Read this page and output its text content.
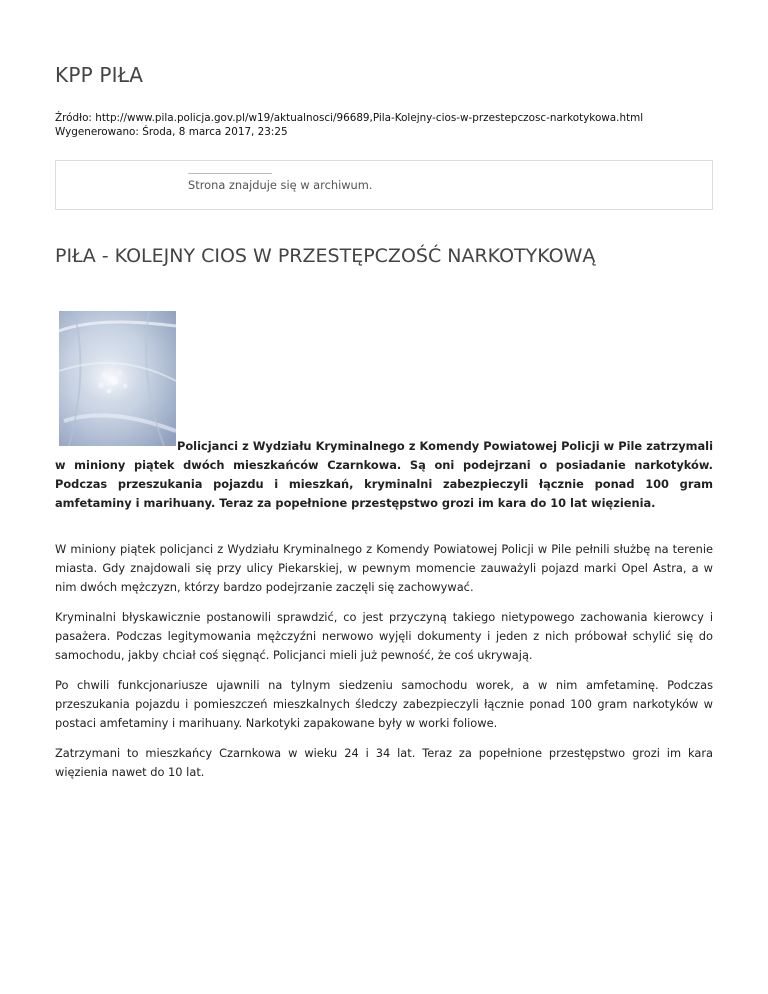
KPP PIŁA
Źródło: http://www.pila.policja.gov.pl/w19/aktualnosci/96689,Pila-Kolejny-cios-w-przestepczosc-narkotykowa.html
Wygenerowano: Środa, 8 marca 2017, 23:25
Strona znajduje się w archiwum.
PIŁA - KOLEJNY CIOS W PRZESTĘPCZOŚĆ NARKOTYKOWĄ

Policjanci z Wydziału Kryminalnego z Komendy Powiatowej Policji w Pile zatrzymali w miniony piątek dwóch mieszkańców Czarnkowa. Są oni podejrzani o posiadanie narkotyków. Podczas przeszukania pojazdu i mieszkań, kryminalni zabezpieczyli łącznie ponad 100 gram amfetaminy i marihuany. Teraz za popełnione przestępstwo grozi im kara do 10 lat więzienia.

W miniony piątek policjanci z Wydziału Kryminalnego z Komendy Powiatowej Policji w Pile pełnili służbę na terenie miasta. Gdy znajdowali się przy ulicy Piekarskiej, w pewnym momencie zauważyli pojazd marki Opel Astra, a w nim dwóch mężczyzn, którzy bardzo podejrzanie zaczęli się zachowywać.

Kryminalni błyskawicznie postanowili sprawdzić, co jest przyczyną takiego nietypowego zachowania kierowcy i pasażera. Podczas legitymowania mężczyźni nerwowo wyjęli dokumenty i jeden z nich próbował schylić się do samochodu, jakby chciał coś sięgnąć. Policjanci mieli już pewność, że coś ukrywają.

Po chwili funkcjonariusze ujawnili na tylnym siedzeniu samochodu worek, a w nim amfetaminę. Podczas przeszukania pojazdu i pomieszczeń mieszkalnych śledczy zabezpieczyli łącznie ponad 100 gram narkotyków w postaci amfetaminy i marihuany. Narkotyki zapakowane były w worki foliowe.

Zatrzymani to mieszkańcy Czarnkowa w wieku 24 i 34 lat. Teraz za popełnione przestępstwo grozi im kara więzienia nawet do 10 lat.
